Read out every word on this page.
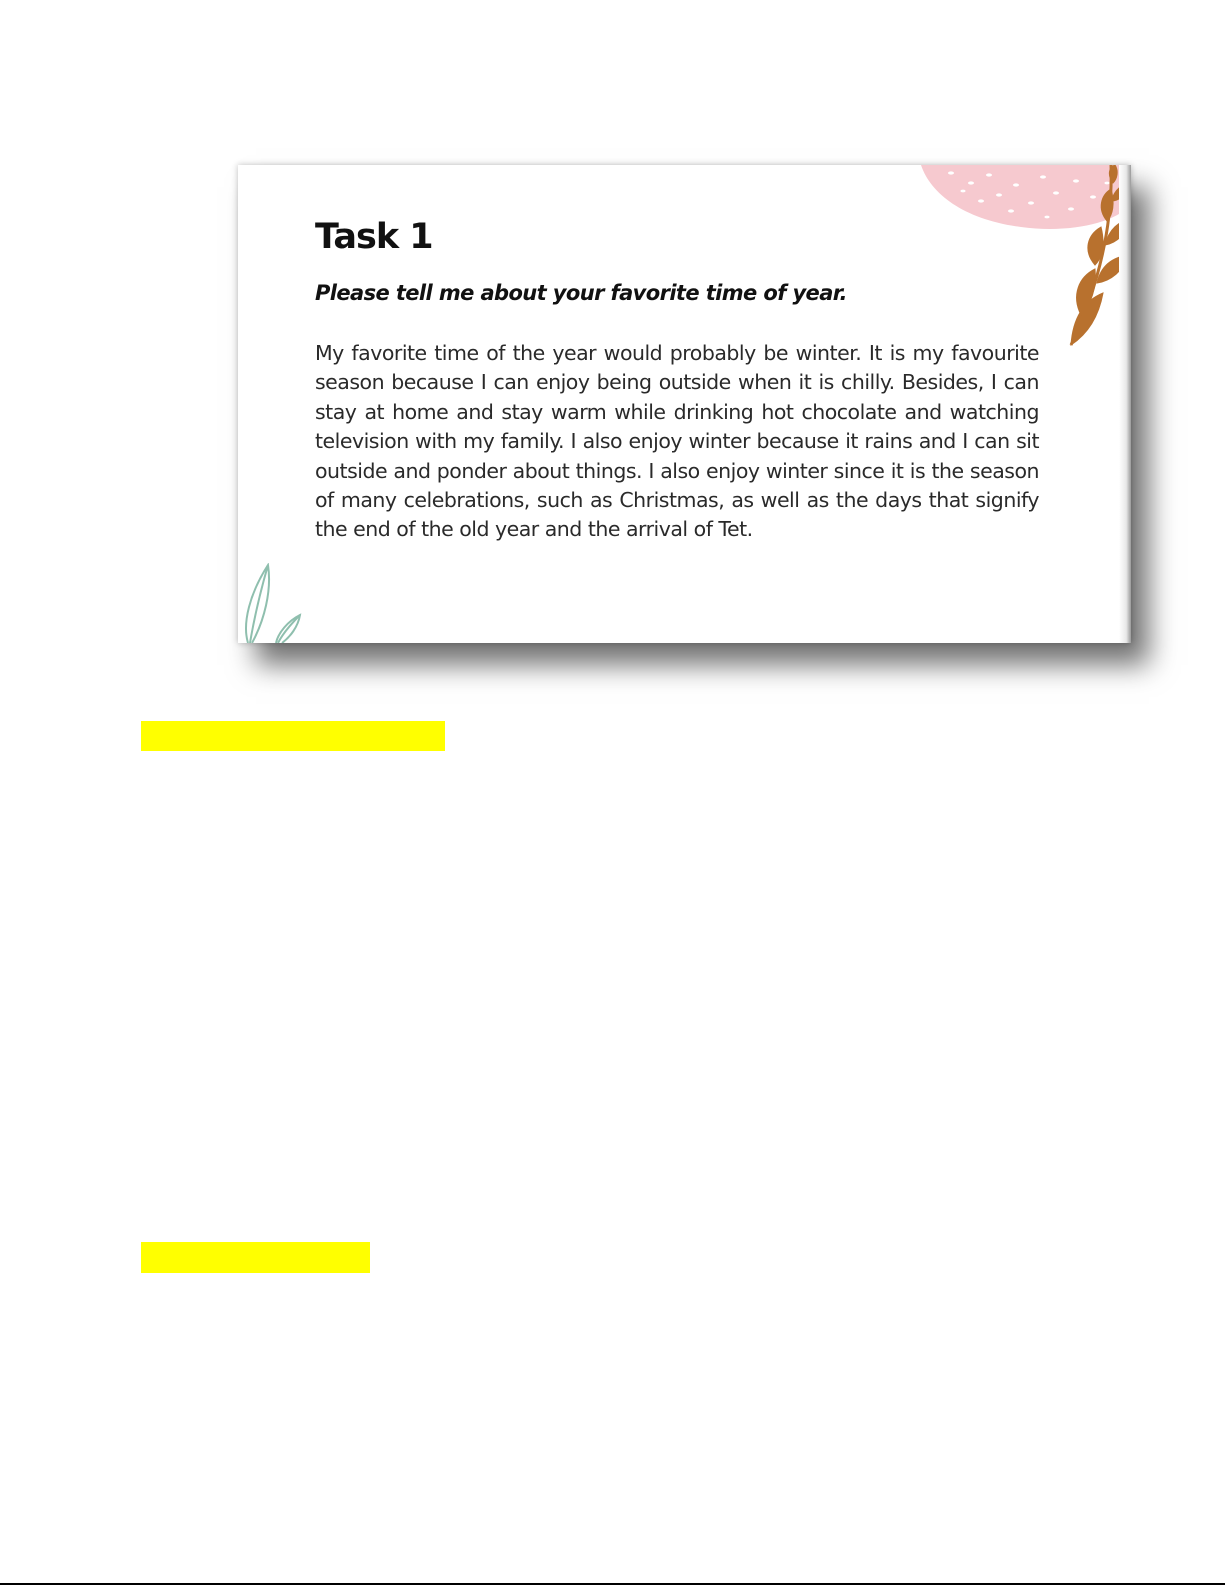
Task 1

Please tell me about your favorite time of year.

My favorite time of the year would probably be winter. It is my favourite season because I can enjoy being outside when it is chilly. Besides, I can stay at home and stay warm while drinking hot chocolate and watching television with my family. I also enjoy winter because it rains and I can sit outside and ponder about things. I also enjoy winter since it is the season of many celebrations, such as Christmas, as well as the days that signify the end of the old year and the arrival of Tet.
